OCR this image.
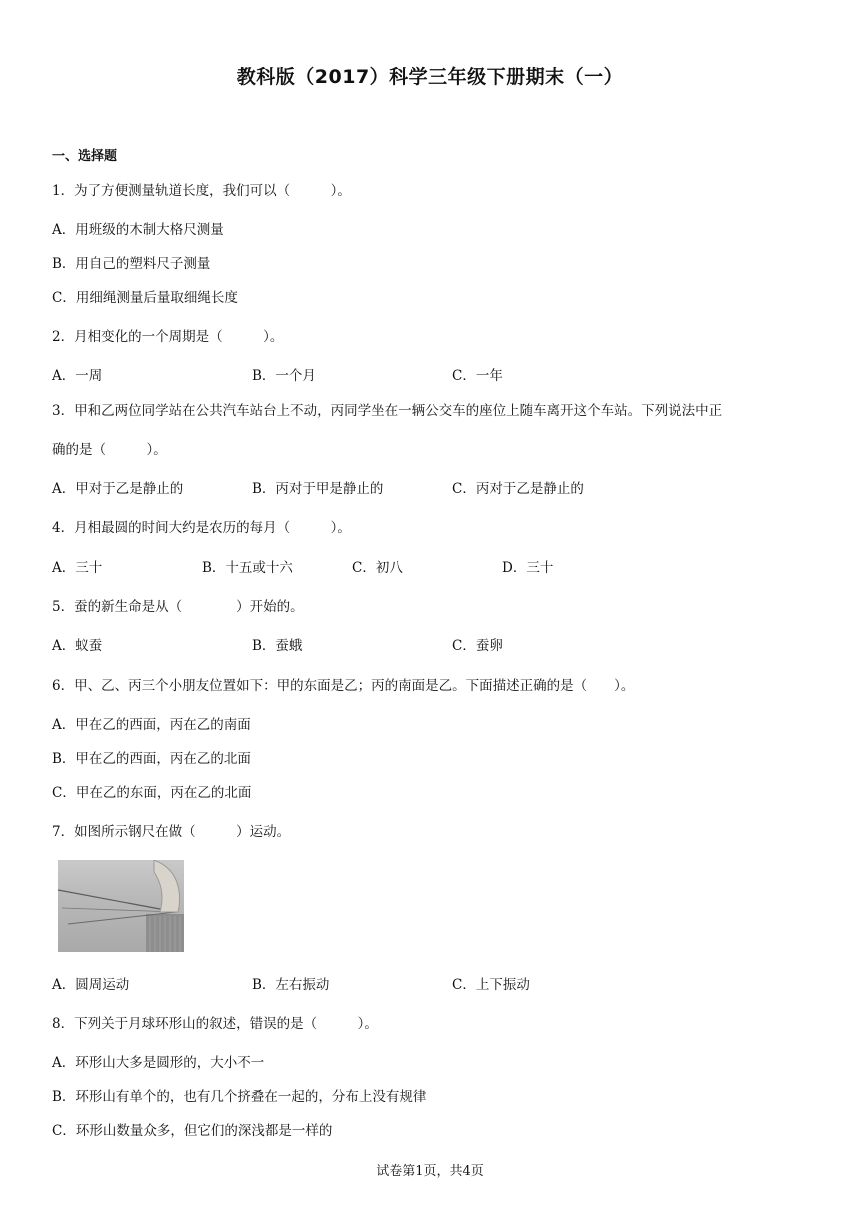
教科版（2017）科学三年级下册期末（一）
一、选择题
1．为了方便测量轨道长度，我们可以（　　　）。
A．用班级的木制大格尺测量
B．用自己的塑料尺子测量
C．用细绳测量后量取细绳长度
2．月相变化的一个周期是（　　　）。
A．一周	B．一个月	C．一年
3．甲和乙两位同学站在公共汽车站台上不动，丙同学坐在一辆公交车的座位上随车离开这个车站。下列说法中正
确的是（　　　）。
A．甲对于乙是静止的	B．丙对于甲是静止的	C．丙对于乙是静止的
4．月相最圆的时间大约是农历的每月（　　　）。
A．三十	B．十五或十六	C．初八	D．三十
5．蚕的新生命是从（　　　　）开始的。
A．蚁蚕	B．蚕蛾	C．蚕卵
6．甲、乙、丙三个小朋友位置如下：甲的东面是乙；丙的南面是乙。下面描述正确的是（　　）。
A．甲在乙的西面，丙在乙的南面
B．甲在乙的西面，丙在乙的北面
C．甲在乙的东面，丙在乙的北面
7．如图所示钢尺在做（　　　）运动。
A．圆周运动	B．左右振动	C．上下振动
8．下列关于月球环形山的叙述，错误的是（　　　）。
A．环形山大多是圆形的，大小不一
B．环形山有单个的，也有几个挤叠在一起的，分布上没有规律
C．环形山数量众多，但它们的深浅都是一样的
试卷第1页，共4页
